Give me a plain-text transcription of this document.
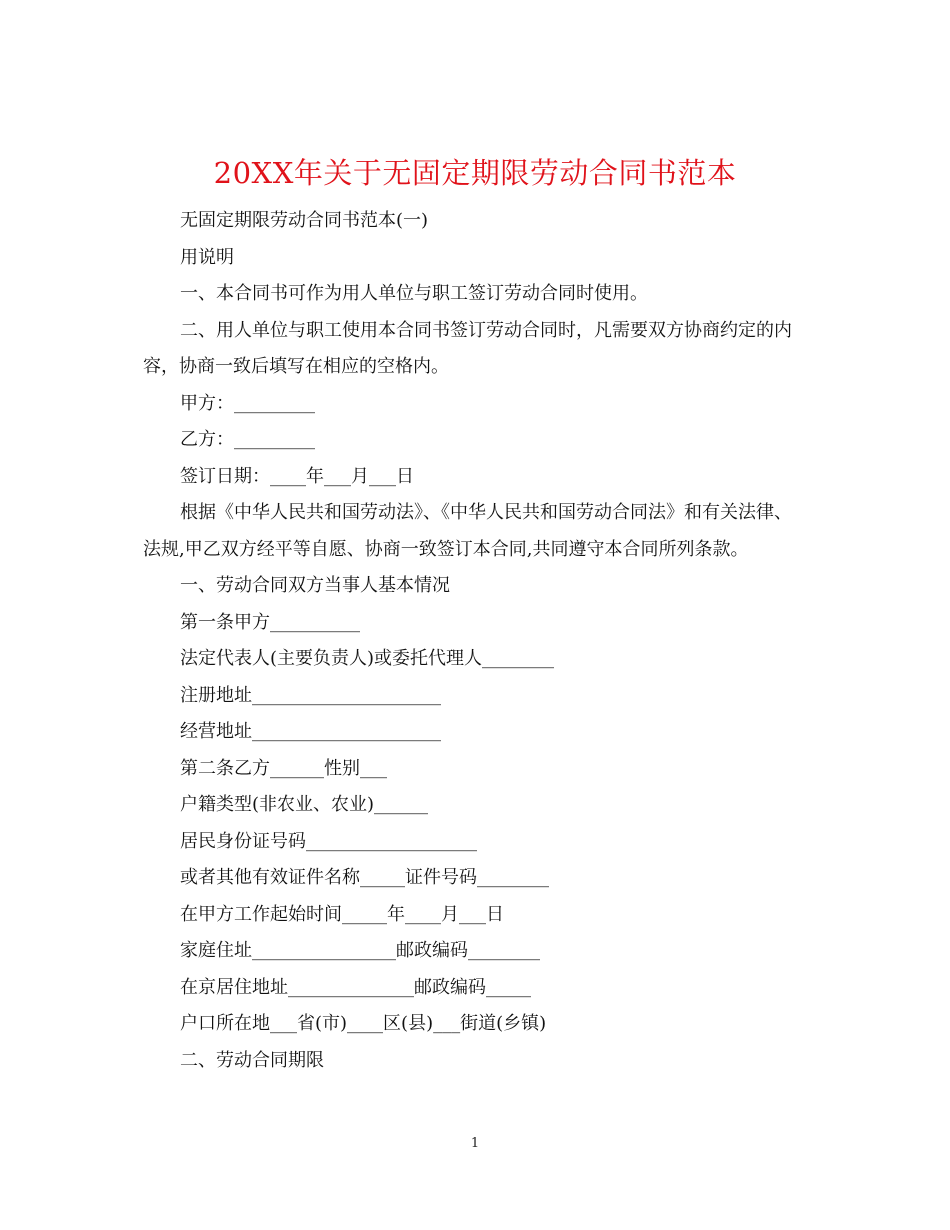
20XX年关于无固定期限劳动合同书范本

无固定期限劳动合同书范本(一)

用说明

一、本合同书可作为用人单位与职工签订劳动合同时使用。

二、用人单位与职工使用本合同书签订劳动合同时，凡需要双方协商约定的内容，协商一致后填写在相应的空格内。

甲方：_________

乙方：_________

签订日期：____年___月___日

根据《中华人民共和国劳动法》、《中华人民共和国劳动合同法》和有关法律、法规,甲乙双方经平等自愿、协商一致签订本合同,共同遵守本合同所列条款。

一、劳动合同双方当事人基本情况

第一条甲方__________

法定代表人(主要负责人)或委托代理人________

注册地址_____________________

经营地址_____________________

第二条乙方______性别___

户籍类型(非农业、农业)______

居民身份证号码___________________

或者其他有效证件名称_____证件号码________

在甲方工作起始时间_____年____月___日

家庭住址________________邮政编码________

在京居住地址______________邮政编码_____

户口所在地___省(市)____区(县)___街道(乡镇)

二、劳动合同期限

1
